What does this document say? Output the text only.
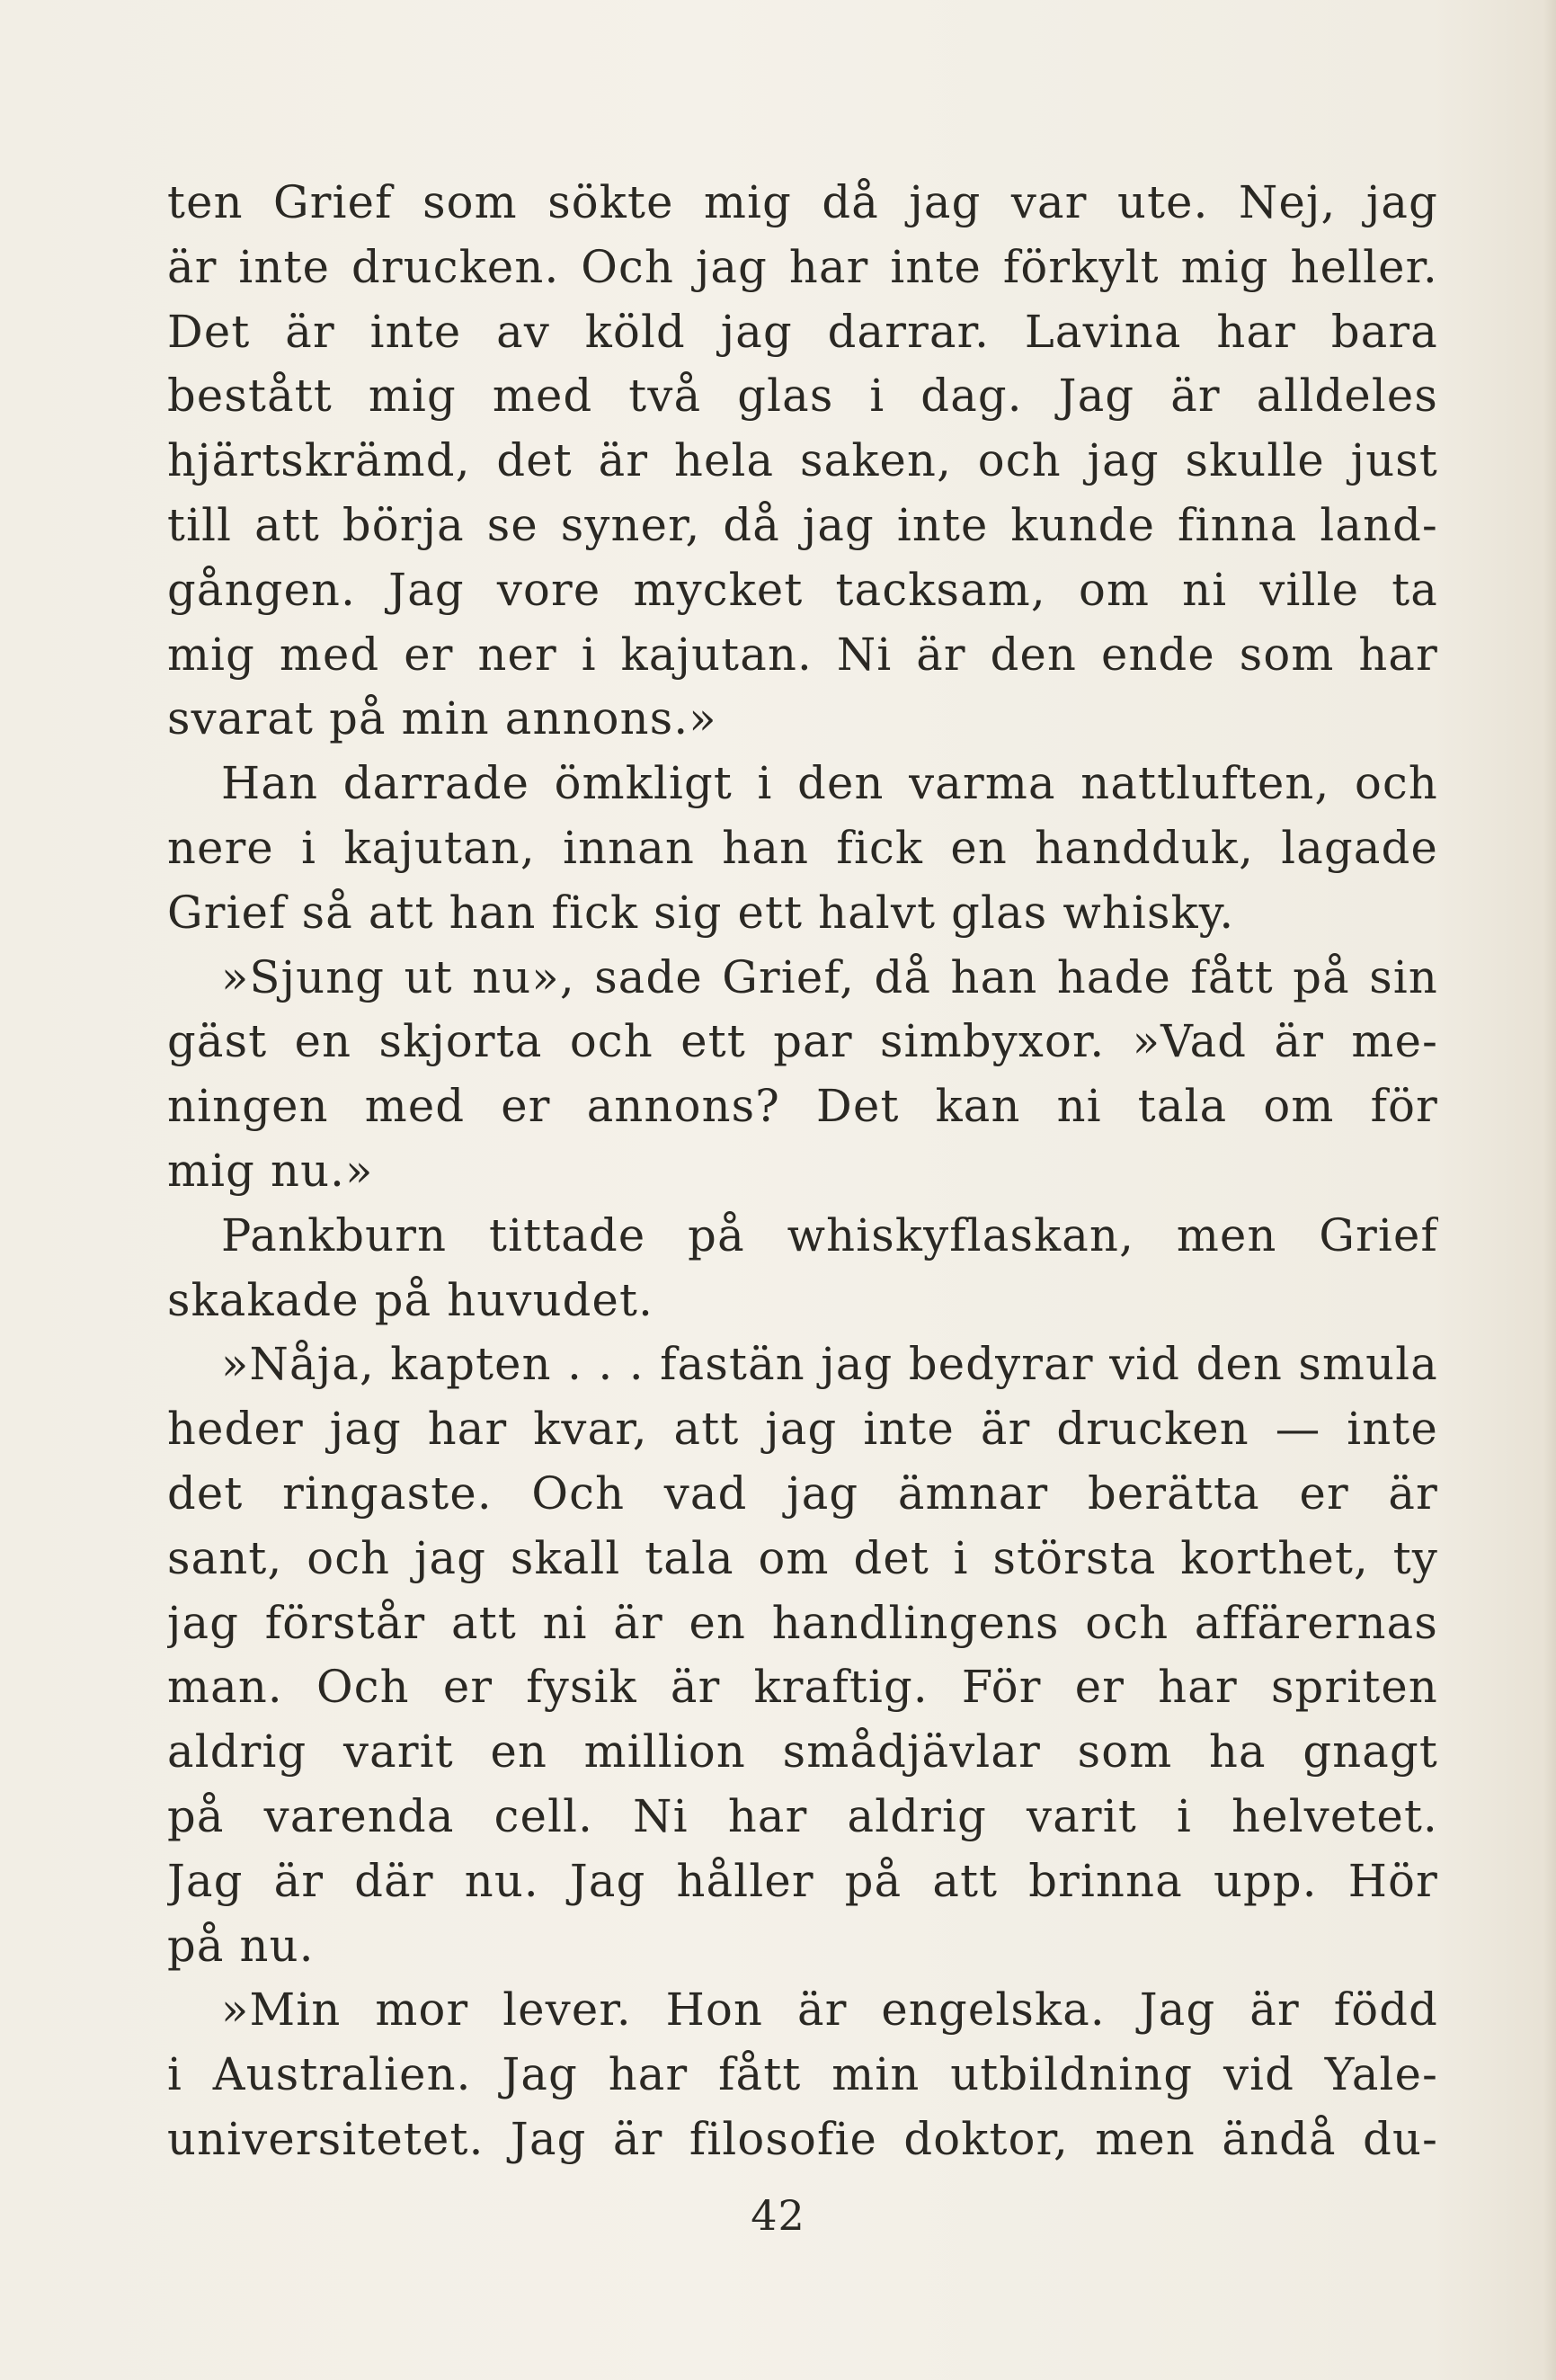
ten Grief som sökte mig då jag var ute. Nej, jag
är inte drucken. Och jag har inte förkylt mig heller.
Det är inte av köld jag darrar. Lavina har bara
bestått mig med två glas i dag. Jag är alldeles
hjärtskrämd, det är hela saken, och jag skulle just
till att börja se syner, då jag inte kunde finna land-
gången. Jag vore mycket tacksam, om ni ville ta
mig med er ner i kajutan. Ni är den ende som har
svarat på min annons.»
Han darrade ömkligt i den varma nattluften, och
nere i kajutan, innan han fick en handduk, lagade
Grief så att han fick sig ett halvt glas whisky.
»Sjung ut nu», sade Grief, då han hade fått på sin
gäst en skjorta och ett par simbyxor. »Vad är me-
ningen med er annons? Det kan ni tala om för
mig nu.»
Pankburn tittade på whiskyflaskan, men Grief
skakade på huvudet.
»Nåja, kapten . . . fastän jag bedyrar vid den smula
heder jag har kvar, att jag inte är drucken — inte
det ringaste. Och vad jag ämnar berätta er är
sant, och jag skall tala om det i största korthet, ty
jag förstår att ni är en handlingens och affärernas
man. Och er fysik är kraftig. För er har spriten
aldrig varit en million smådjävlar som ha gnagt
på varenda cell. Ni har aldrig varit i helvetet.
Jag är där nu. Jag håller på att brinna upp. Hör
på nu.
»Min mor lever. Hon är engelska. Jag är född
i Australien. Jag har fått min utbildning vid Yale-
universitetet. Jag är filosofie doktor, men ändå du-
42
